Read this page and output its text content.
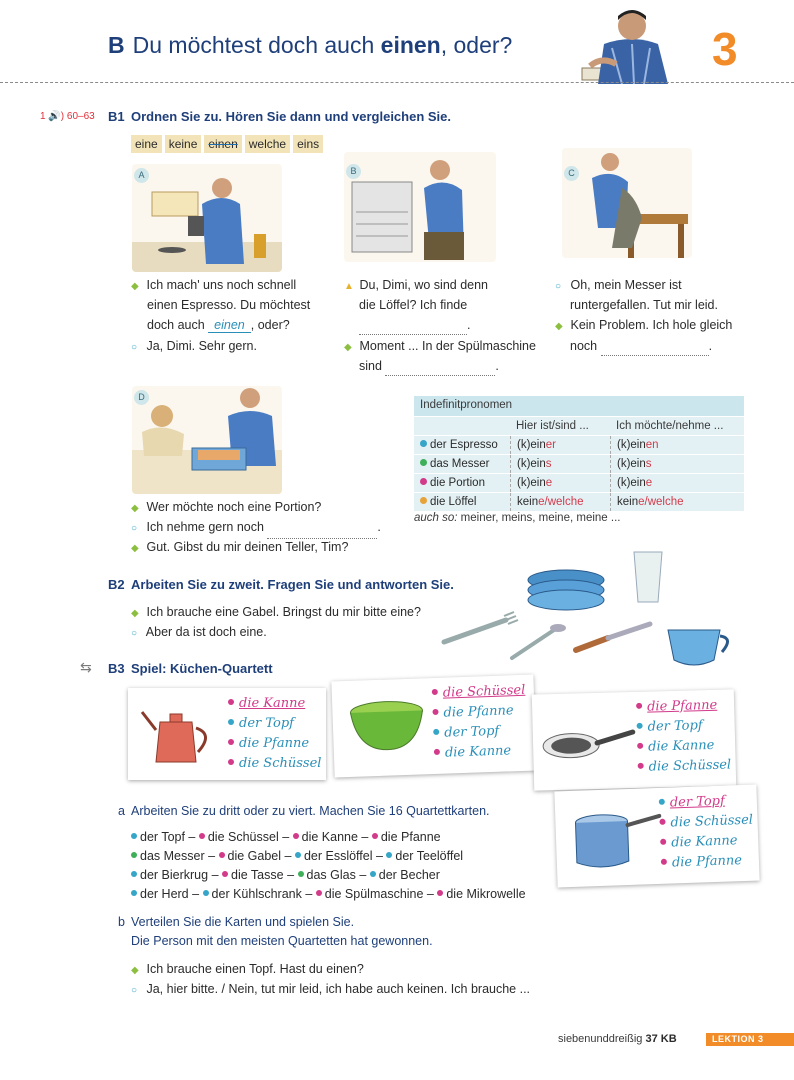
B Du möchtest doch auch einen, oder?	3
1 🔊) 60–63 B1 Ordnen Sie zu. Hören Sie dann und vergleichen Sie.
eine keine einen welche eins
A	B	C
◆ Ich mach' uns noch schnell
einen Espresso. Du möchtest
doch auch einen , oder?
○ Ja, Dimi. Sehr gern.
▲ Du, Dimi, wo sind denn
die Löffel? Ich finde
.
◆ Moment ... In der Spülmaschine
sind	.
○ Oh, mein Messer ist
runtergefallen. Tut mir leid.
◆ Kein Problem. Ich hole gleich
noch	.
D
◆ Wer möchte noch eine Portion?
○ Ich nehme gern noch	.
◆ Gut. Gibst du mir deinen Teller, Tim?
Indefinitpronomen
Hier ist/sind ...	Ich möchte/nehme ...
der Espresso	(k)einer	(k)einen
das Messer	(k)eins	(k)eins
die Portion	(k)eine	(k)eine
die Löffel	keine/welche	keine/welche
auch so: meiner, meins, meine, meine ...
B2 Arbeiten Sie zu zweit. Fragen Sie und antworten Sie.
◆ Ich brauche eine Gabel. Bringst du mir bitte eine?
○ Aber da ist doch eine.
⇆ B3 Spiel: Küchen-Quartett
die Kanne
der Topf
die Pfanne
die Schüssel
die Schüssel
die Pfanne
der Topf
die Kanne
die Pfanne
der Topf
die Kanne
die Schüssel
der Topf
die Schüssel
die Kanne
die Pfanne
a Arbeiten Sie zu dritt oder zu viert. Machen Sie 16 Quartettkarten.
der Topf – die Schüssel – die Kanne – die Pfanne
das Messer – die Gabel – der Esslöffel – der Teelöffel
der Bierkrug – die Tasse – das Glas – der Becher
der Herd – der Kühlschrank – die Spülmaschine – die Mikrowelle
b Verteilen Sie die Karten und spielen Sie.
Die Person mit den meisten Quartetten hat gewonnen.
◆ Ich brauche einen Topf. Hast du einen?
○ Ja, hier bitte. / Nein, tut mir leid, ich habe auch keinen. Ich brauche ...
siebenunddreißig 37 KB	LEKTION 3
